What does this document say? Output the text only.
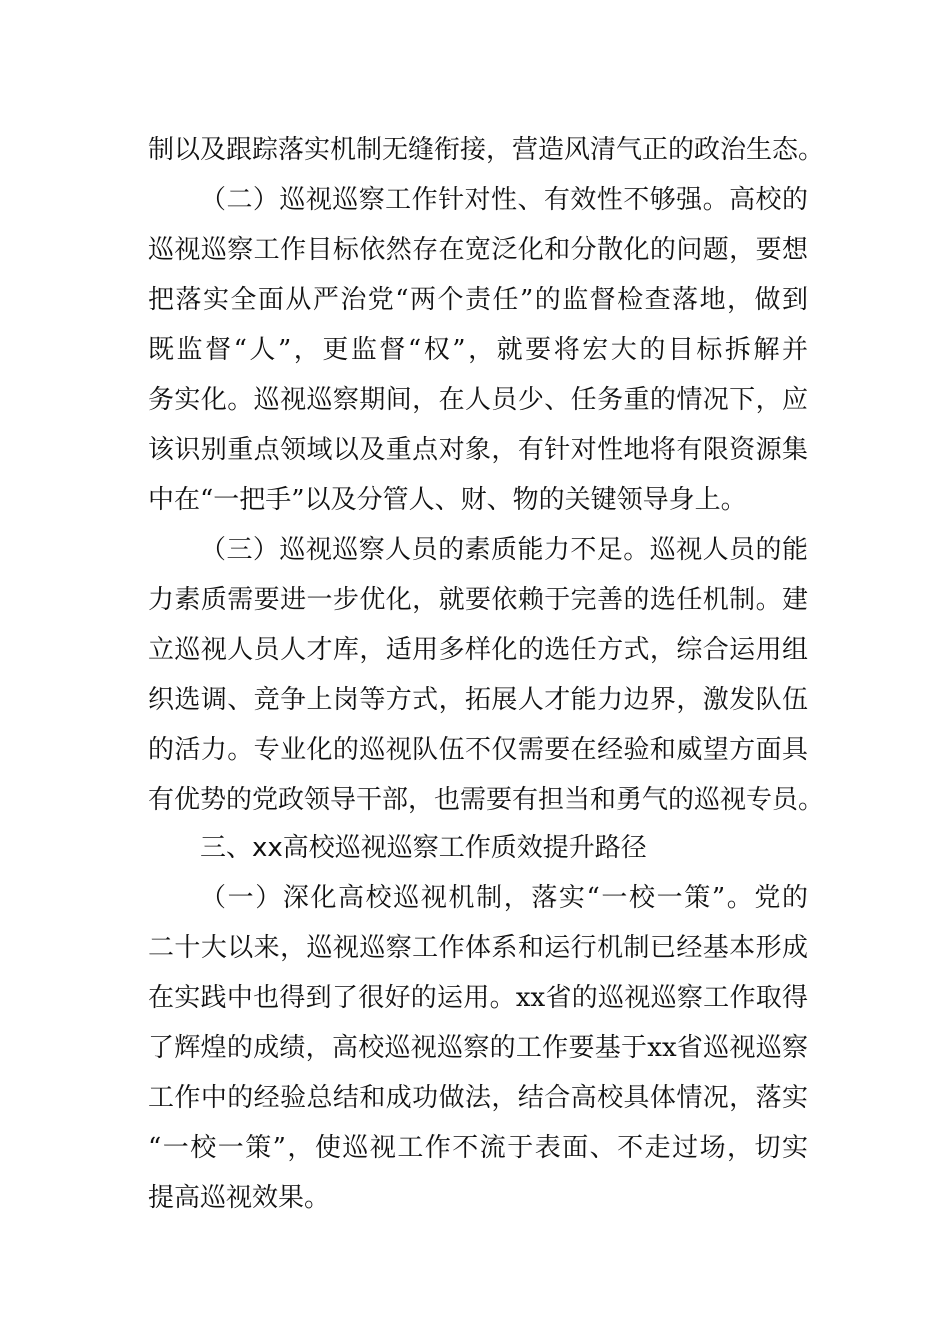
制以及跟踪落实机制无缝衔接，营造风清气正的政治生态。
（二）巡视巡察工作针对性、有效性不够强。高校的
巡视巡察工作目标依然存在宽泛化和分散化的问题，要想
把落实全面从严治党“两个责任”的监督检查落地，做到
既监督“人”，更监督“权”，就要将宏大的目标拆解并
务实化。巡视巡察期间，在人员少、任务重的情况下，应
该识别重点领域以及重点对象，有针对性地将有限资源集
中在“一把手”以及分管人、财、物的关键领导身上。
（三）巡视巡察人员的素质能力不足。巡视人员的能
力素质需要进一步优化，就要依赖于完善的选任机制。建
立巡视人员人才库，适用多样化的选任方式，综合运用组
织选调、竞争上岗等方式，拓展人才能力边界，激发队伍
的活力。专业化的巡视队伍不仅需要在经验和威望方面具
有优势的党政领导干部，也需要有担当和勇气的巡视专员。
三、xx高校巡视巡察工作质效提升路径
（一）深化高校巡视机制，落实“一校一策”。党的
二十大以来，巡视巡察工作体系和运行机制已经基本形成
在实践中也得到了很好的运用。xx省的巡视巡察工作取得
了辉煌的成绩，高校巡视巡察的工作要基于xx省巡视巡察
工作中的经验总结和成功做法，结合高校具体情况，落实
“一校一策”，使巡视工作不流于表面、不走过场，切实
提高巡视效果。
